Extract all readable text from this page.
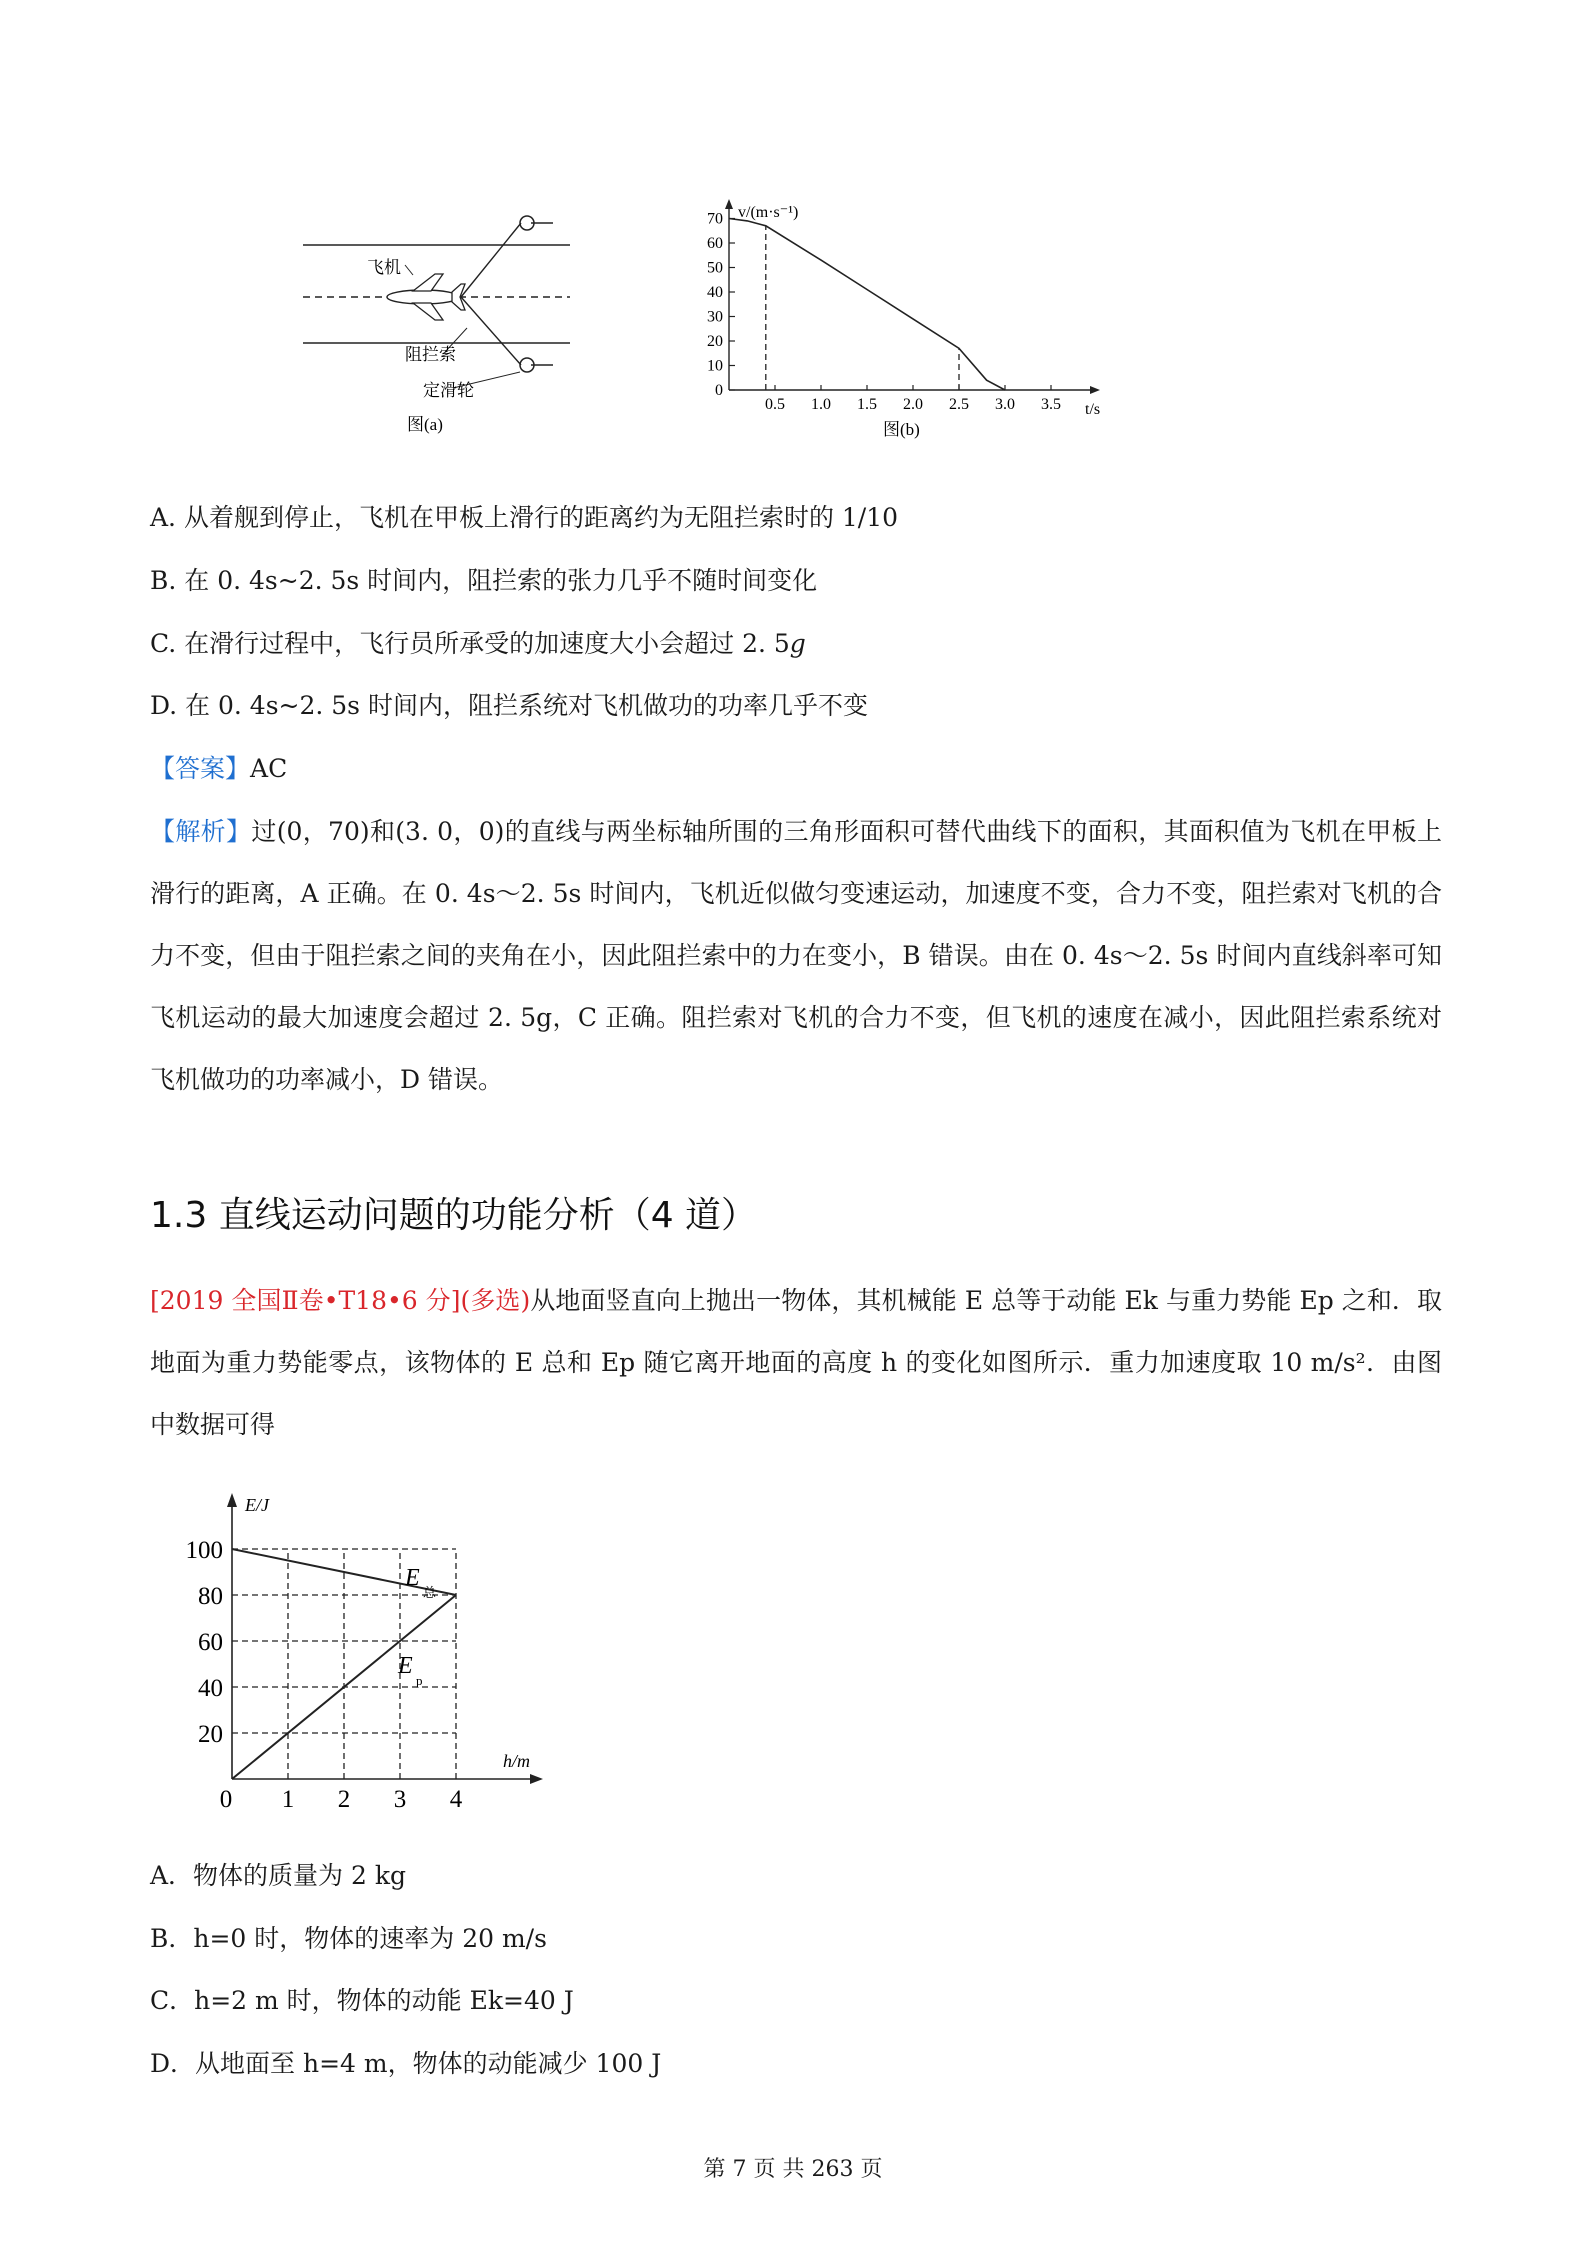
飞机
阻拦索
定滑轮
图(a)
0
10
20
30
40
50
60
70
0.5 1.0 1.5 2.0 2.5 3.0 3.5
v/(m·s⁻¹)
t/s
图(b)
A. 从着舰到停止，飞机在甲板上滑行的距离约为无阻拦索时的 1/10
B. 在 0. 4s~2. 5s 时间内，阻拦索的张力几乎不随时间变化
C. 在滑行过程中，飞行员所承受的加速度大小会超过 2. 5g
D. 在 0. 4s~2. 5s 时间内，阻拦系统对飞机做功的功率几乎不变
【答案】AC
【解析】过(0，70)和(3. 0，0)的直线与两坐标轴所围的三角形面积可替代曲线下的面积，其面积值为飞机在甲板上滑行的距离，A 正确。在 0. 4s～2. 5s 时间内，飞机近似做匀变速运动，加速度不变，合力不变，阻拦索对飞机的合力不变，但由于阻拦索之间的夹角在小，因此阻拦索中的力在变小，B 错误。由在 0. 4s～2. 5s 时间内直线斜率可知飞机运动的最大加速度会超过 2. 5g，C 正确。阻拦索对飞机的合力不变，但飞机的速度在减小，因此阻拦索系统对飞机做功的功率减小，D 错误。
1.3 直线运动问题的功能分析（4 道）
[2019 全国Ⅱ卷•T18•6 分](多选)从地面竖直向上抛出一物体，其机械能 E 总等于动能 Ek 与重力势能 Ep 之和．取地面为重力势能零点，该物体的 E 总和 Ep 随它离开地面的高度 h 的变化如图所示．重力加速度取 10 m/s²．由图中数据可得
100
80
60
40
20
0 1 2 3 4
E/J
h/m
E
总
E
p
A．物体的质量为 2 kg
B．h=0 时，物体的速率为 20 m/s
C．h=2 m 时，物体的动能 Ek=40 J
D．从地面至 h=4 m，物体的动能减少 100 J
第 7 页 共 263 页
